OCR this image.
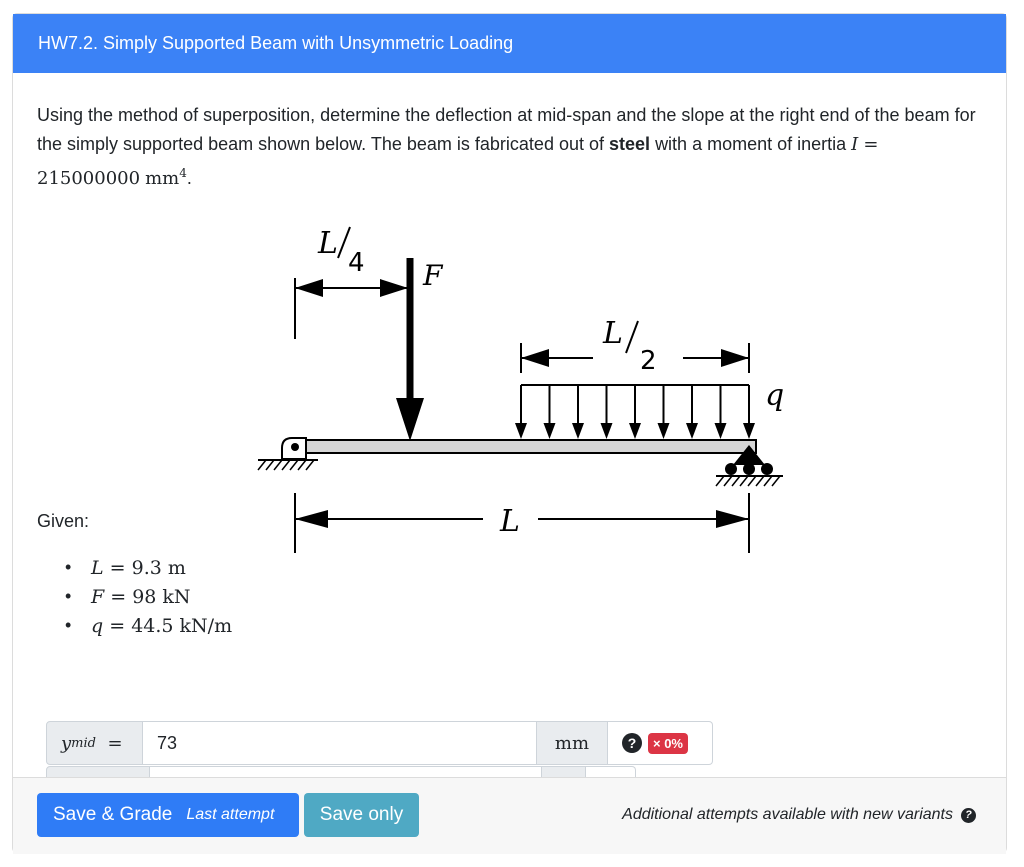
HW7.2. Simply Supported Beam with Unsymmetric Loading
Using the method of superposition, determine the deflection at mid-span and the slope at the right end of the beam for the simply supported beam shown below. The beam is fabricated out of steel with a moment of inertia I = 215000000 $mm^4$.
L
4 F
L
2
q
L
Given:
•	L
=
9.3 m
•	F
=
98 kN
•	q
=
44.5 kN/m
y mid
= 73	mm	?	× 0%

Save & Grade Last attempt	Save only	Additional attempts available with new variants	?
